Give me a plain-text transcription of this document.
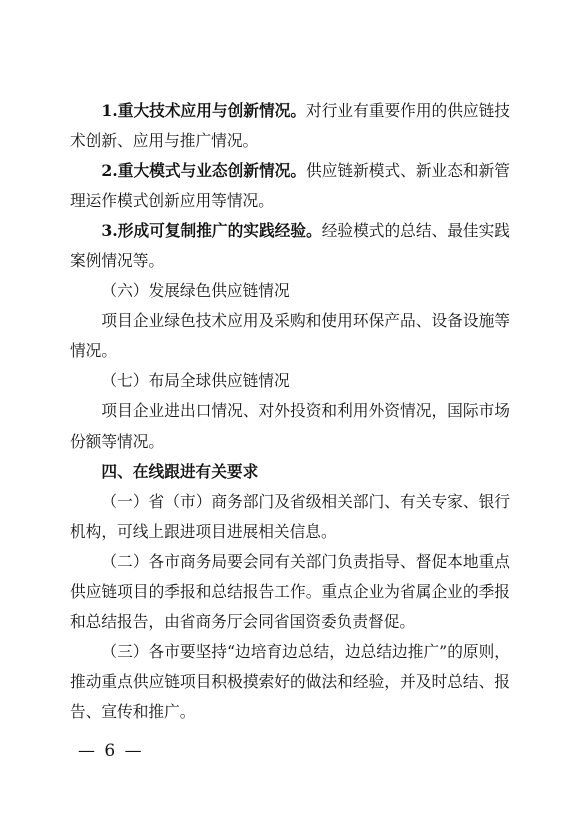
1.重大技术应用与创新情况。对行业有重要作用的供应链技
术创新、应用与推广情况。
2.重大模式与业态创新情况。供应链新模式、新业态和新管
理运作模式创新应用等情况。
3.形成可复制推广的实践经验。经验模式的总结、最佳实践
案例情况等。
（六）发展绿色供应链情况
项目企业绿色技术应用及采购和使用环保产品、设备设施等
情况。
（七）布局全球供应链情况
项目企业进出口情况、对外投资和利用外资情况，国际市场
份额等情况。
四、在线跟进有关要求
（一）省（市）商务部门及省级相关部门、有关专家、银行
机构，可线上跟进项目进展相关信息。
（二）各市商务局要会同有关部门负责指导、督促本地重点
供应链项目的季报和总结报告工作。重点企业为省属企业的季报
和总结报告，由省商务厅会同省国资委负责督促。
（三）各市要坚持“边培育边总结，边总结边推广”的原则，
推动重点供应链项目积极摸索好的做法和经验，并及时总结、报
告、宣传和推广。
— 6 —
